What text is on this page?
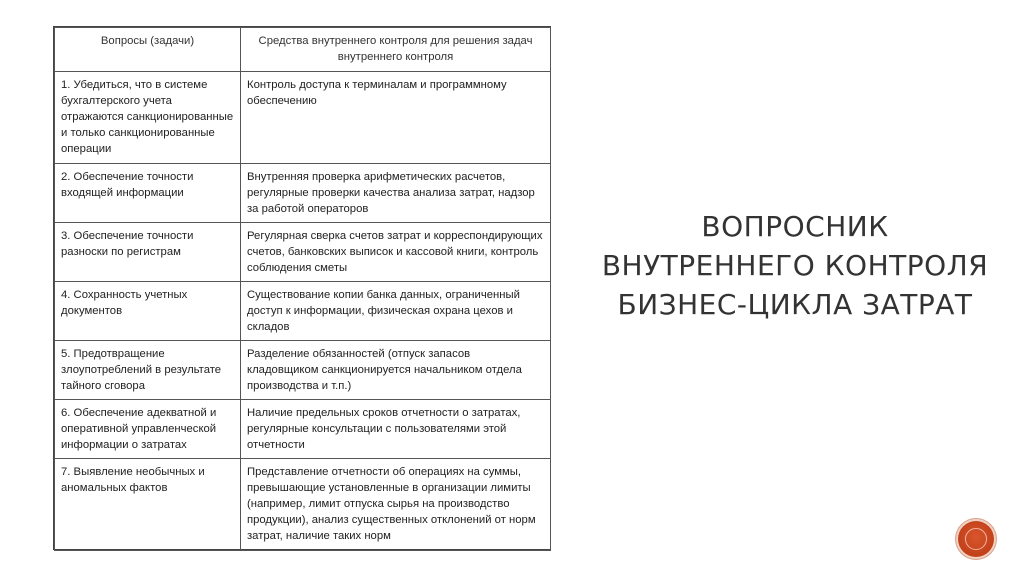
Вопросы (задачи)	Средства внутреннего контроля для решения задач внутреннего контроля
1. Убедиться, что в системе бухгалтерского учета отражаются санкционированные и только санкционированные операции	Контроль доступа к терминалам и программному обеспечению
2. Обеспечение точности входящей информации	Внутренняя проверка арифметических расчетов, регулярные проверки качества анализа затрат, надзор за работой операторов
3. Обеспечение точности разноски по регистрам	Регулярная сверка счетов затрат и корреспондирующих счетов, банковских выписок и кассовой книги, контроль соблюдения сметы
4. Сохранность учетных документов	Существование копии банка данных, ограниченный доступ к информации, физическая охрана цехов и складов
5. Предотвращение злоупотреблений в результате тайного сговора	Разделение обязанностей (отпуск запасов кладовщиком санкционируется начальником отдела производства и т.п.)
6. Обеспечение адекватной и оперативной управленческой информации о затратах	Наличие предельных сроков отчетности о затратах, регулярные консультации с пользователями этой отчетности
7. Выявление необычных и аномальных фактов	Представление отчетности об операциях на суммы, превышающие установленные в организации лимиты (например, лимит отпуска сырья на производство продукции), анализ существенных отклонений от норм затрат, наличие таких норм
ВОПРОСНИК
ВНУТРЕННЕГО КОНТРОЛЯ
БИЗНЕС-ЦИКЛА ЗАТРАТ
